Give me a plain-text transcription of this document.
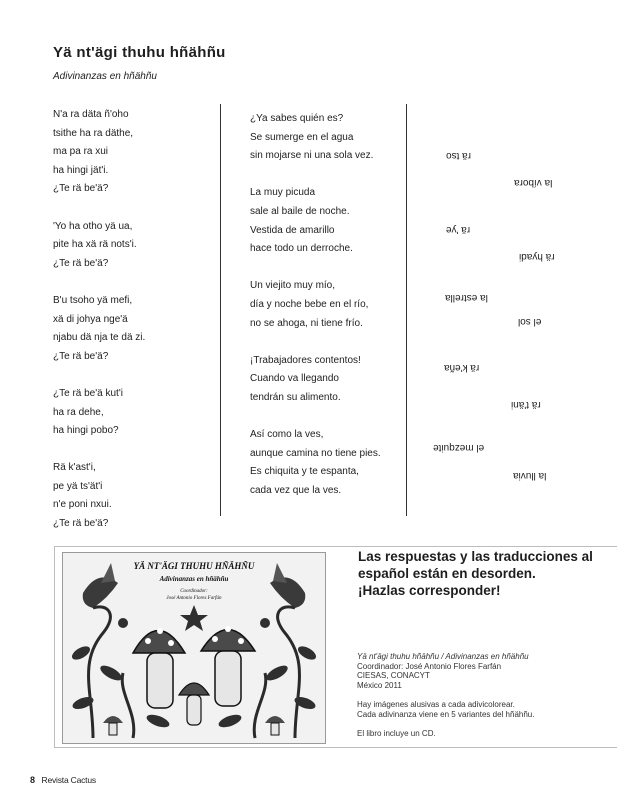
Yä nt'ägi thuhu hñähñu
Adivinanzas en hñähñu
N'a ra däta ñ'oho
tsithe ha ra däthe,
ma pa ra xui
ha hingi jät'i.
¿Te rä be'ä?
'Yo ha otho yä ua,
pite ha xä rä nots'i.
¿Te rä be'ä?
B'u tsoho yä mefi,
xä di johya nge'ä
njabu dä nja te dä zi.
¿Te rä be'ä?
¿Te rä be'ä kut'i
ha ra dehe,
ha hingi pobo?
Rä k'ast'i,
pe yä ts'ät'i
n'e poni nxui.
¿Te rä be'ä?
¿Ya sabes quién es?
Se sumerge en el agua
sin mojarse ni una sola vez.
La muy picuda
sale al baile de noche.
Vestida de amarillo
hace todo un derroche.
Un viejito muy mío,
día y noche bebe en el río,
no se ahoga, ni tiene frío.
¡Trabajadores contentos!
Cuando va llegando
tendrán su alimento.
Así como la ves,
aunque camina no tiene pies.
Es chiquita y te espanta,
cada vez que la ves.
rä tso
la víbora
rä 'ye
rä hyadi
la estrella
el sol
rä k'eña
rä t'äni
el mezquite
la lluvia
YÄ NT'ÄGI THUHU HÑÄHÑU
Adivinanzas en hñähñu
Coordinador:
José Antonio Flores Farfán
Las respuestas y las traducciones al
español están en desorden.
¡Hazlas corresponder!
Yä nt'ägi thuhu hñähñu / Adivinanzas en hñähñu
Coordinador: José Antonio Flores Farfán
CIESAS, CONACYT
México 2011
Hay imágenes alusivas a cada adivicolorear.
Cada adivinanza viene en 5 variantes del hñähñu.
El libro incluye un CD.
8 Revista Cactus
